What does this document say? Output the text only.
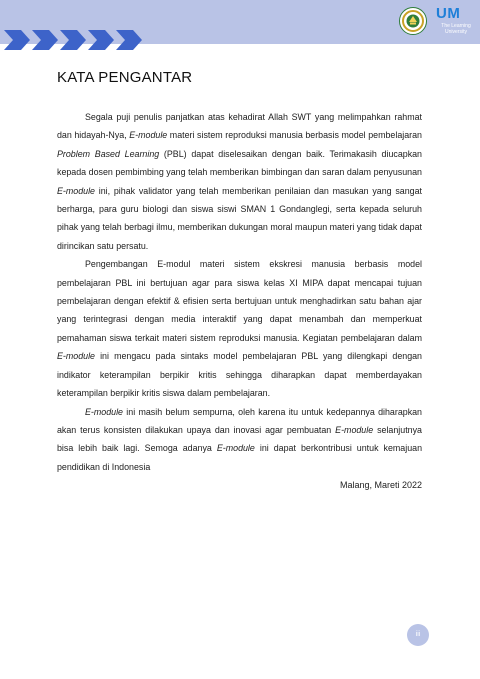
UM
The Learning University
KATA PENGANTAR

Segala puji penulis panjatkan atas kehadirat Allah SWT yang melimpahkan rahmat dan hidayah-Nya, E-module materi sistem reproduksi manusia berbasis model pembelajaran Problem Based Learning (PBL) dapat diselesaikan dengan baik. Terimakasih diucapkan kepada dosen pembimbing yang telah memberikan bimbingan dan saran dalam penyusunan E-module ini, pihak validator yang telah memberikan penilaian dan masukan yang sangat berharga, para guru biologi dan siswa siswi SMAN 1 Gondanglegi, serta kepada seluruh pihak yang telah berbagi ilmu, memberikan dukungan moral maupun materi yang tidak dapat dirincikan satu persatu.

Pengembangan E-modul materi sistem ekskresi manusia berbasis model pembelajaran PBL ini bertujuan agar para siswa kelas XI MIPA dapat mencapai tujuan pembelajaran dengan efektif & efisien serta bertujuan untuk menghadirkan satu bahan ajar yang terintegrasi dengan media interaktif yang dapat menambah dan memperkuat pemahaman siswa terkait materi sistem reproduksi manusia. Kegiatan pembelajaran dalam E-module ini mengacu pada sintaks model pembelajaran PBL yang dilengkapi dengan indikator keterampilan berpikir kritis sehingga diharapkan dapat memberdayakan keterampilan berpikir kritis siswa dalam pembelajaran.

E-module ini masih belum sempurna, oleh karena itu untuk kedepannya diharapkan akan terus konsisten dilakukan upaya dan inovasi agar pembuatan E-module selanjutnya bisa lebih baik lagi. Semoga adanya E-module ini dapat berkontribusi untuk kemajuan pendidikan di Indonesia

Malang, Mareti 2022
iii
